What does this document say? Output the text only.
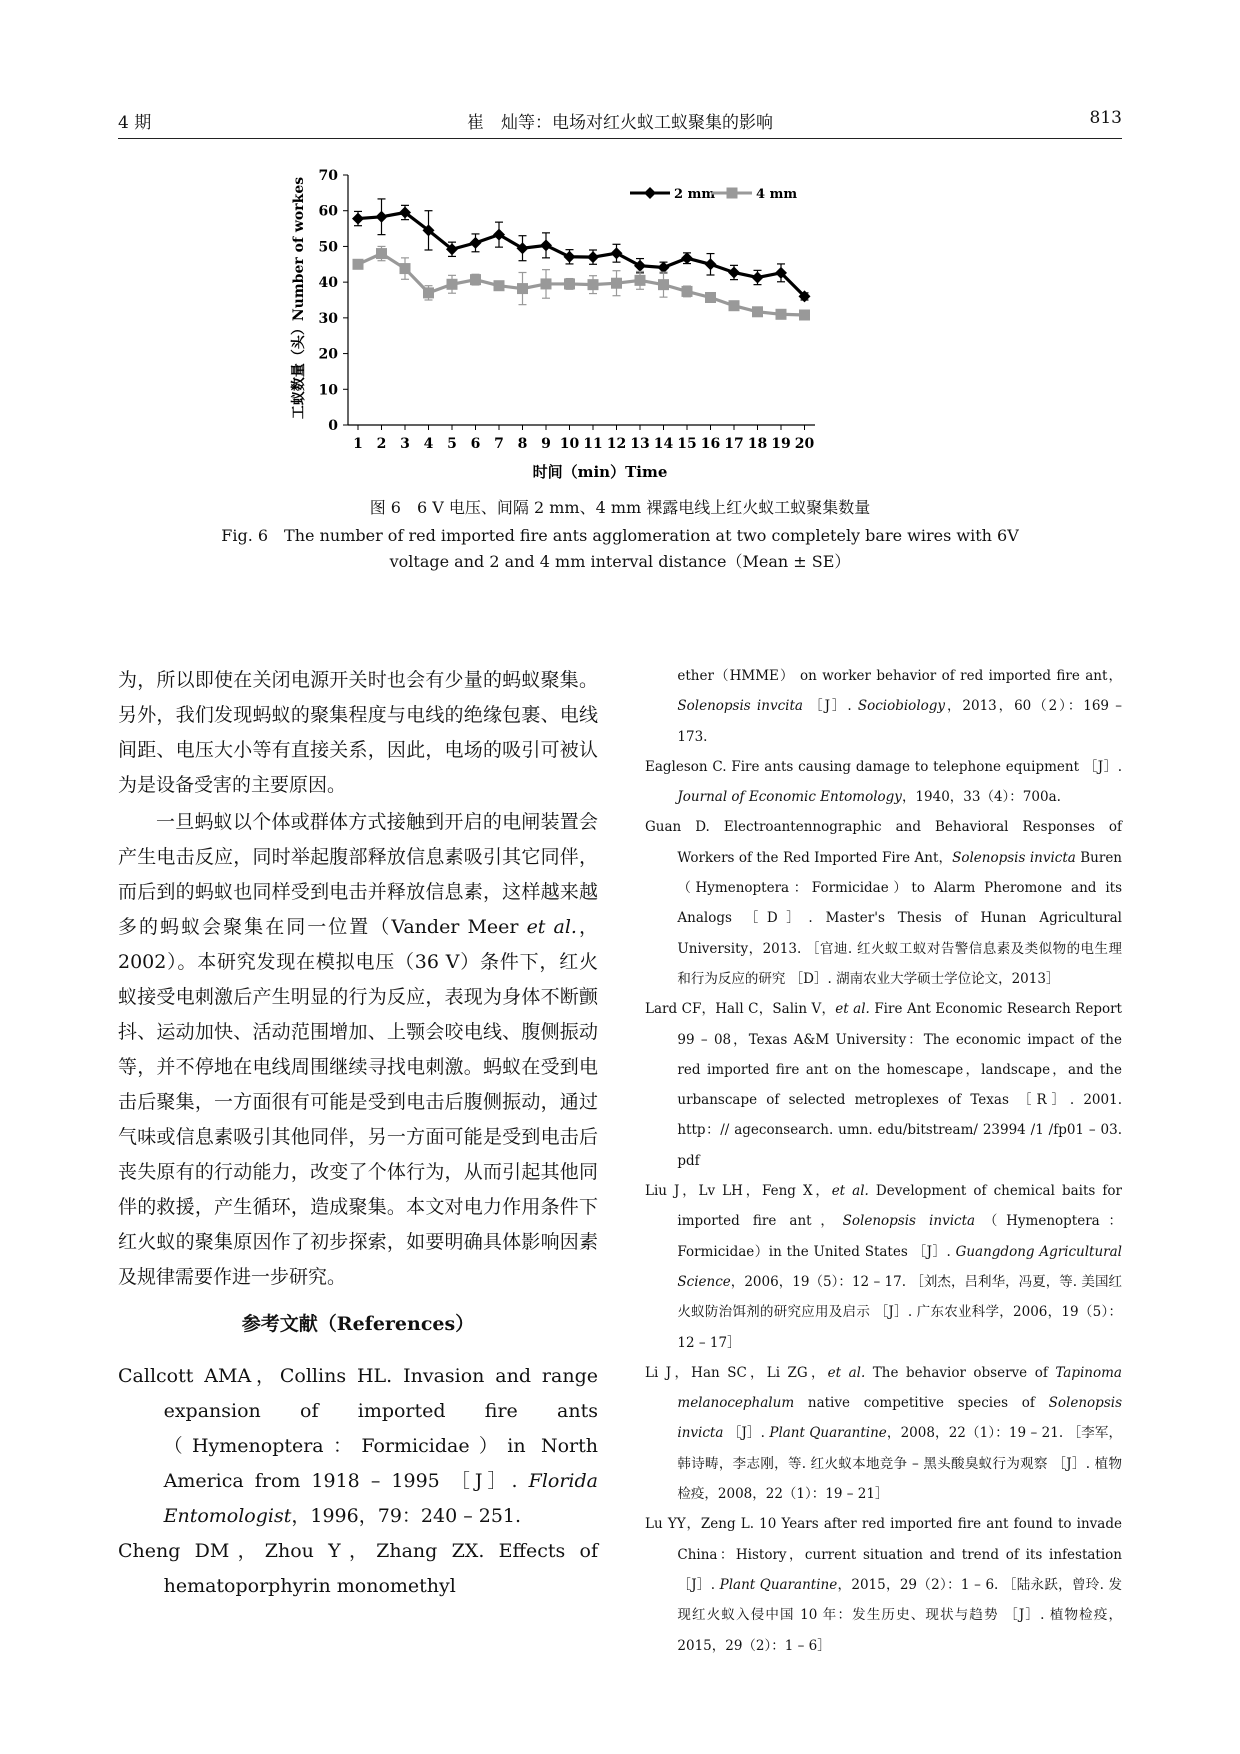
4 期	崔　灿等：电场对红火蚁工蚁聚集的影响	813
0
10
20
30
40
50
60
70
1 2 3 4 5 6 7 8 9 10 11 12 13 14 15 16 17 18 19 20
2 mm	4 mm
时间（min）Time
工蚁数量（头）Number of workes
图 6　6 V 电压、间隔 2 mm、4 mm 裸露电线上红火蚁工蚁聚集数量
Fig. 6　The number of red imported fire ants agglomeration at two completely bare wires with 6V
voltage and 2 and 4 mm interval distance（Mean ± SE）

为，所以即使在关闭电源开关时也会有少量的蚂蚁聚集。另外，我们发现蚂蚁的聚集程度与电线的绝缘包裹、电线间距、电压大小等有直接关系，因此，电场的吸引可被认为是设备受害的主要原因。

一旦蚂蚁以个体或群体方式接触到开启的电闸装置会产生电击反应，同时举起腹部释放信息素吸引其它同伴，而后到的蚂蚁也同样受到电击并释放信息素，这样越来越多的蚂蚁会聚集在同一位置（Vander Meer et al.，2002）。本研究发现在模拟电压（36 V）条件下，红火蚁接受电刺激后产生明显的行为反应，表现为身体不断颤抖、运动加快、活动范围增加、上颚会咬电线、腹侧振动等，并不停地在电线周围继续寻找电刺激。蚂蚁在受到电击后聚集，一方面很有可能是受到电击后腹侧振动，通过气味或信息素吸引其他同伴，另一方面可能是受到电击后丧失原有的行动能力，改变了个体行为，从而引起其他同伴的救援，产生循环，造成聚集。本文对电力作用条件下红火蚁的聚集原因作了初步探索，如要明确具体影响因素及规律需要作进一步研究。

参考文献（References）

Callcott AMA，Collins HL. Invasion and range expansion of imported fire ants（Hymenoptera：Formicidae）in North America from 1918 – 1995 ［J］. Florida Entomologist，1996，79：240 – 251.

Cheng DM，Zhou Y，Zhang ZX. Effects of hematoporphyrin monomethyl

ether（HMME） on worker behavior of red imported fire ant，Solenopsis invcita ［J］. Sociobiology，2013，60（2）：169 – 173.

Eagleson C. Fire ants causing damage to telephone equipment ［J］. Journal of Economic Entomology，1940，33（4）：700a.

Guan D. Electroantennographic and Behavioral Responses of Workers of the Red Imported Fire Ant，Solenopsis invicta Buren（Hymenoptera：Formicidae）to Alarm Pheromone and its Analogs ［D］. Master's Thesis of Hunan Agricultural University，2013. ［官迪. 红火蚁工蚁对告警信息素及类似物的电生理和行为反应的研究 ［D］. 湖南农业大学硕士学位论文，2013］

Lard CF，Hall C，Salin V，et al. Fire Ant Economic Research Report 99 – 08，Texas A&M University：The economic impact of the red imported fire ant on the homescape，landscape，and the urbanscape of selected metroplexes of Texas ［R］. 2001. http：// ageconsearch. umn. edu/bitstream/ 23994 /1 /fp01 – 03. pdf

Liu J，Lv LH，Feng X，et al. Development of chemical baits for imported fire ant，Solenopsis invicta（Hymenoptera：Formicidae）in the United States ［J］. Guangdong Agricultural Science，2006，19（5）：12 – 17. ［刘杰，吕利华，冯夏，等. 美国红火蚁防治饵剂的研究应用及启示 ［J］. 广东农业科学，2006，19（5）：12 – 17］

Li J，Han SC，Li ZG，et al. The behavior observe of Tapinoma melanocephalum native competitive species of Solenopsis invicta ［J］. Plant Quarantine，2008，22（1）：19 – 21. ［李军，韩诗畴，李志刚，等. 红火蚁本地竞争 – 黑头酸臭蚁行为观察 ［J］. 植物检疫，2008，22（1）：19 – 21］

Lu YY，Zeng L. 10 Years after red imported fire ant found to invade China：History，current situation and trend of its infestation ［J］. Plant Quarantine，2015，29（2）：1 – 6. ［陆永跃，曾玲. 发现红火蚁入侵中国 10 年：发生历史、现状与趋势 ［J］. 植物检疫，2015，29（2）：1 – 6］
